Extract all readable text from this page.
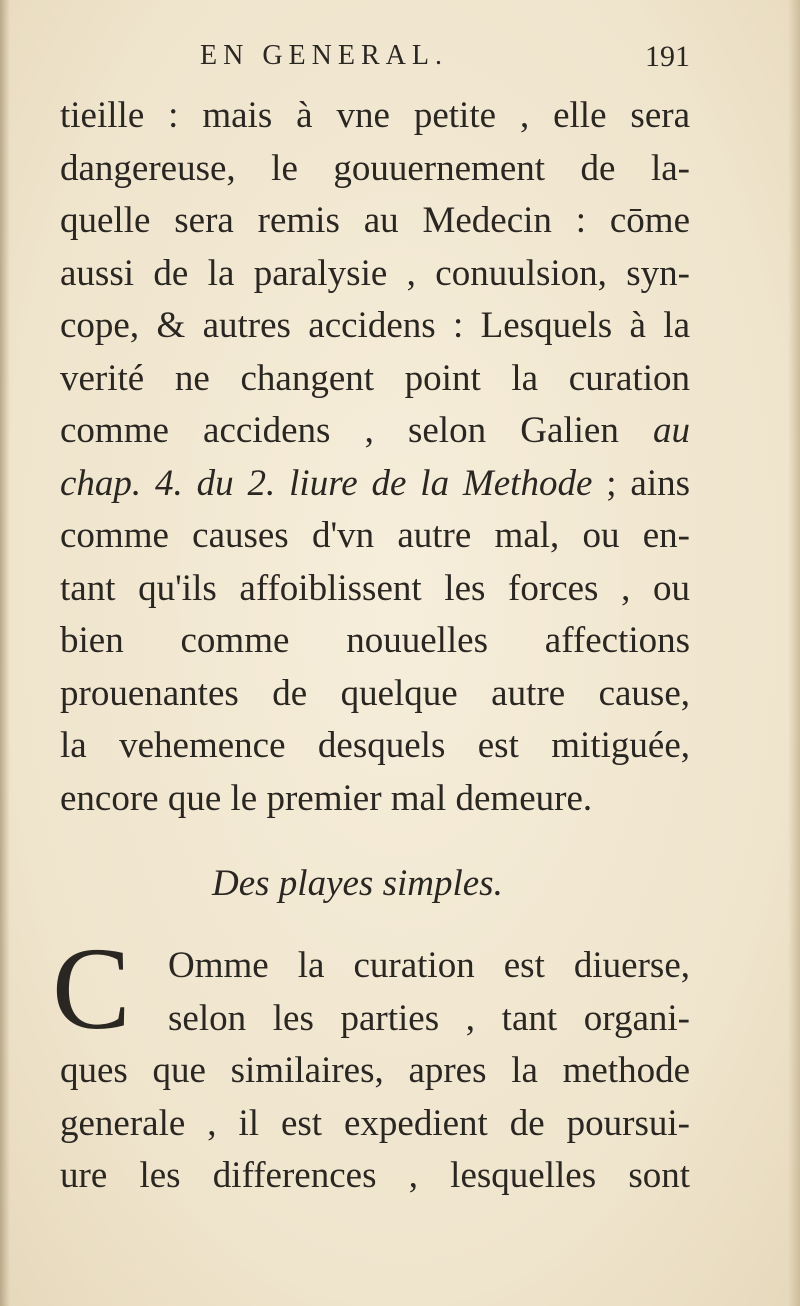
EN GENERAL.	191
tieille : mais à vne petite , elle sera
dangereuse, le gouuernement de la-
quelle sera remis au Medecin : cōme
aussi de la paralysie , conuulsion, syn-
cope, & autres accidens : Lesquels à la
verité ne changent point la curation
comme accidens , selon Galien au
chap. 4. du 2. liure de la Methode ; ains
comme causes d'vn autre mal, ou en-
tant qu'ils affoiblissent les forces , ou
bien comme nouuelles affections
prouenantes de quelque autre cause,
la vehemence desquels est mitiguée,
encore que le premier mal demeure.
Des playes simples.
C	Omme la curation est diuerse,
selon les parties , tant organi-
ques que similaires, apres la methode
generale , il est expedient de poursui-
ure les differences , lesquelles sont
